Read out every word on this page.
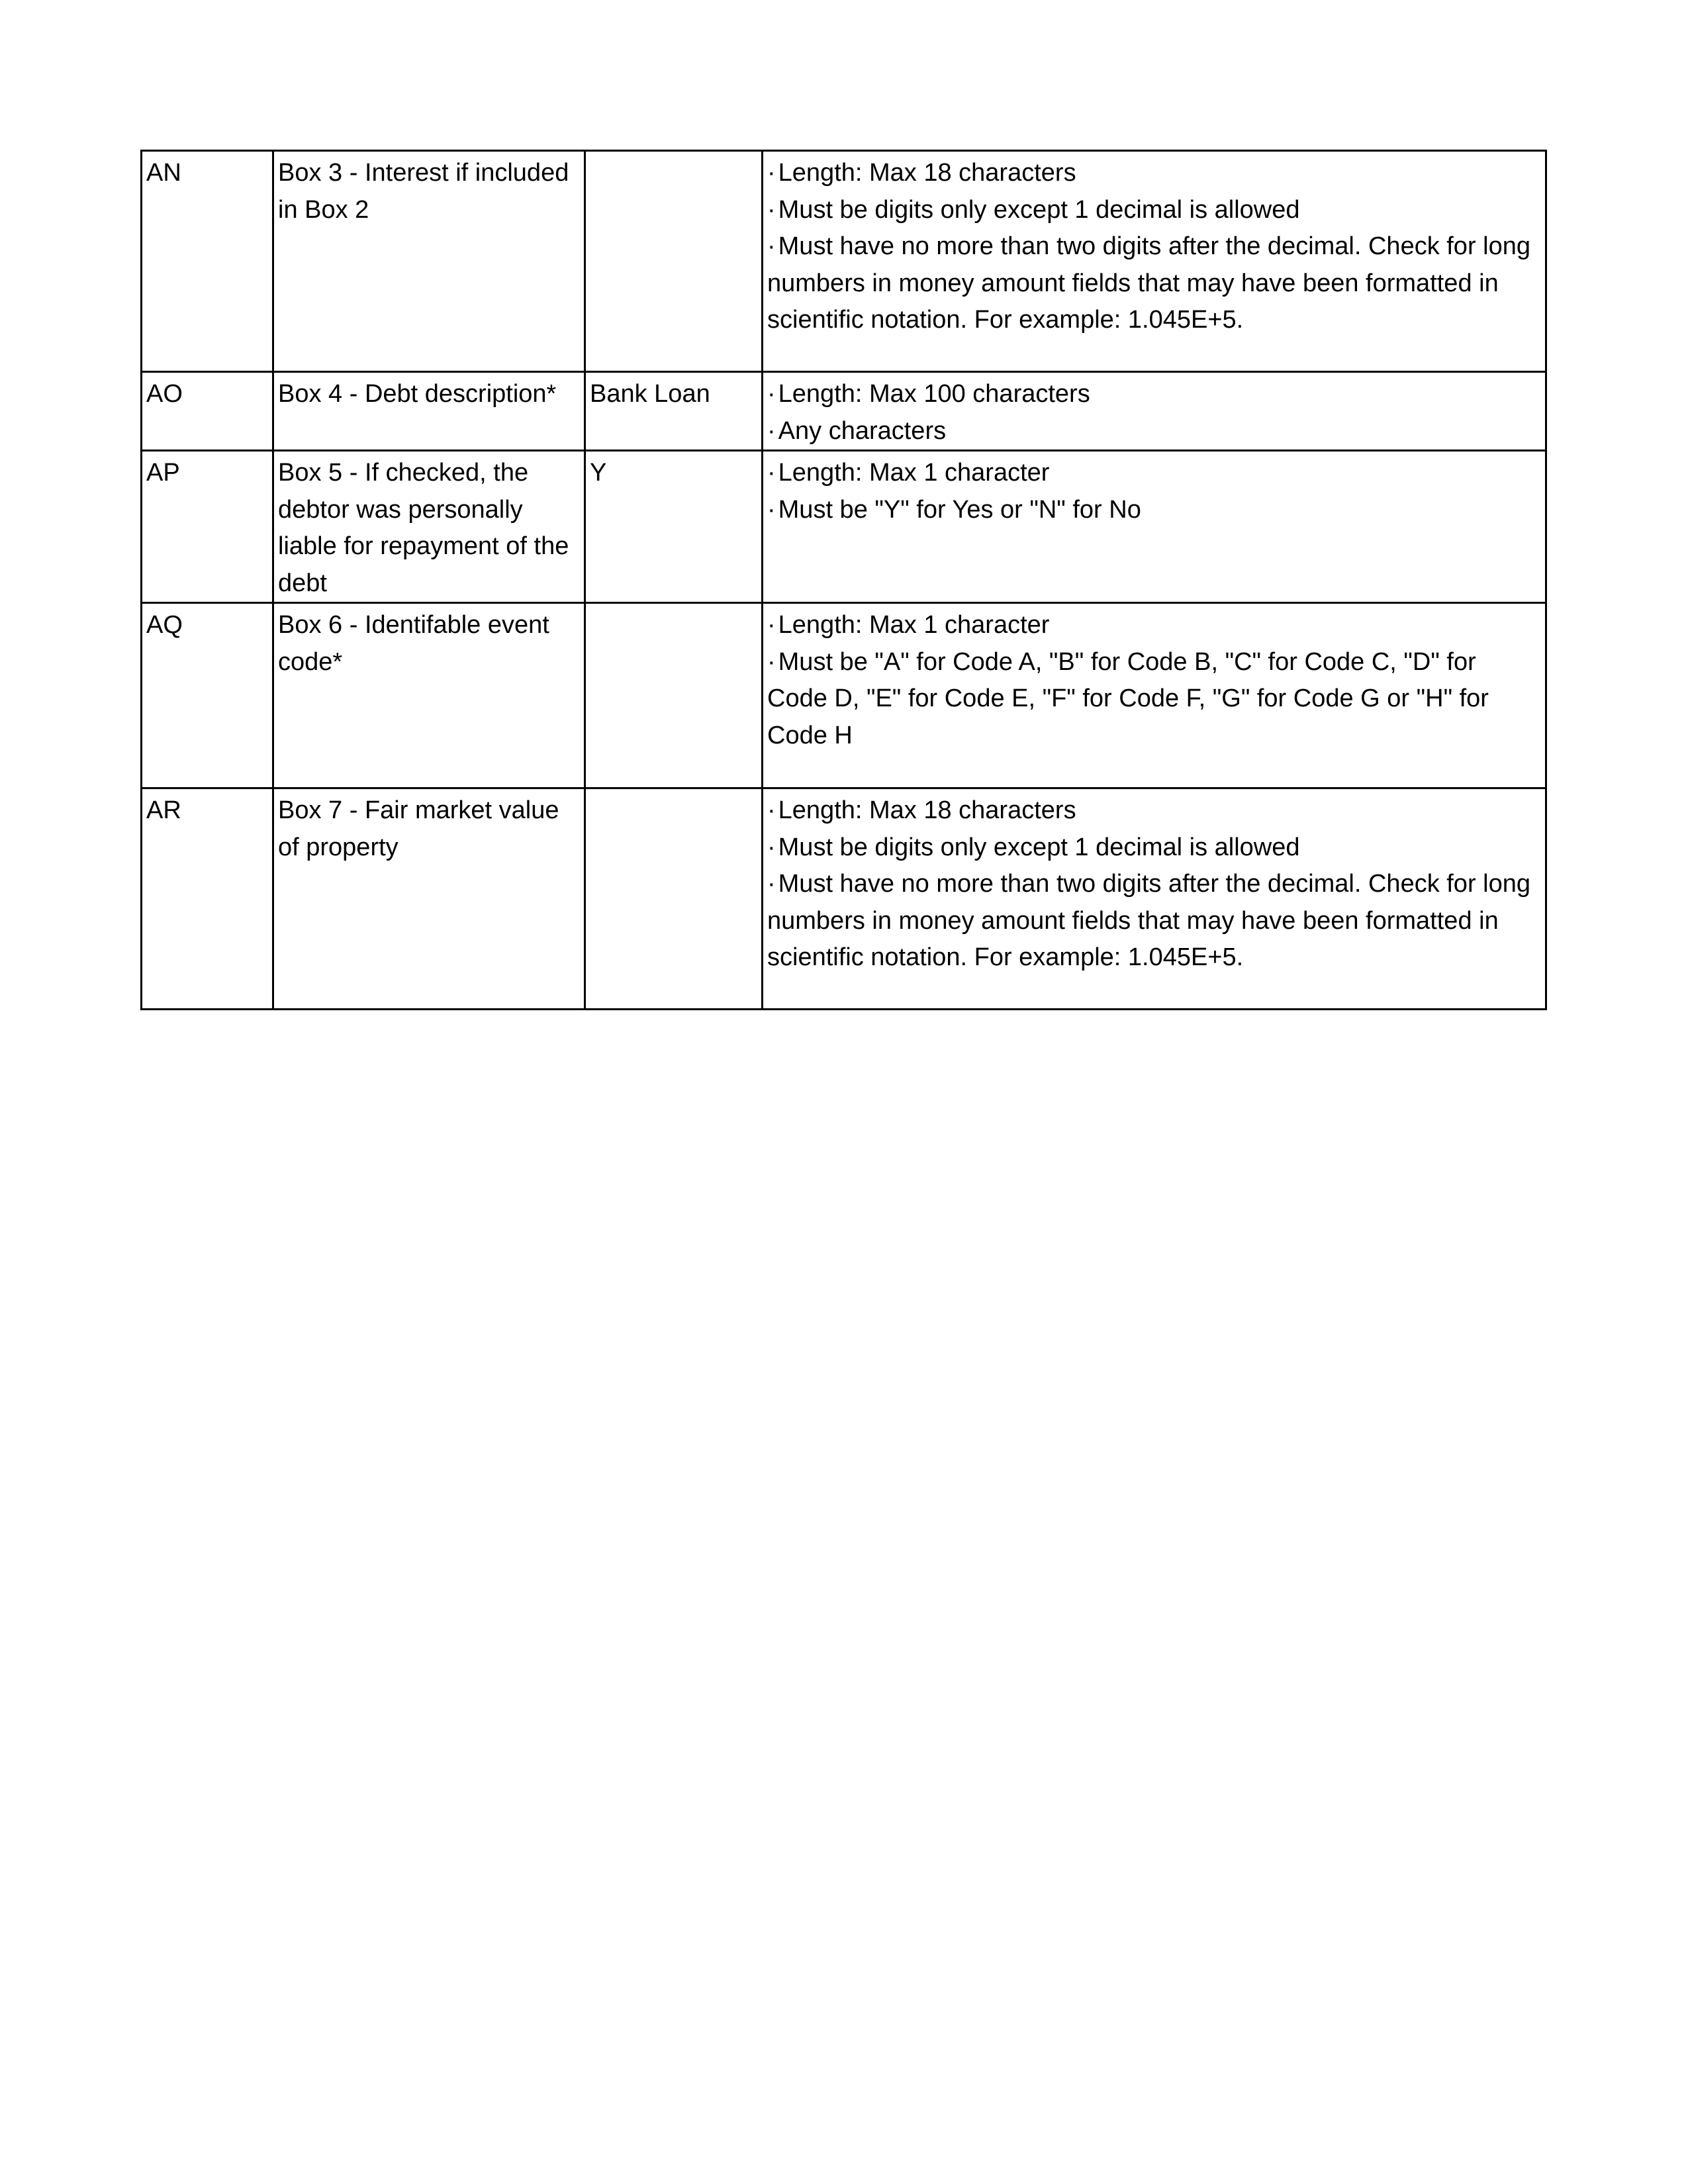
AN	Box 3 - Interest if included in Box 2		· Length: Max 18 characters
· Must be digits only except 1 decimal is allowed
· Must have no more than two digits after the decimal. Check for long numbers in money amount fields that may have been formatted in scientific notation. For example: 1.045E+5.

AO	Box 4 - Debt description*	Bank Loan	· Length: Max 100 characters
· Any characters

AP	Box 5 - If checked, the debtor was personally liable for repayment of the debt	Y	· Length: Max 1 character
· Must be "Y" for Yes or "N" for No

AQ	Box 6 - Identifable event code*		· Length: Max 1 character
· Must be "A" for Code A, "B" for Code B, "C" for Code C, "D" for Code D, "E" for Code E, "F" for Code F, "G" for Code G or "H" for Code H

AR	Box 7 - Fair market value of property		· Length: Max 18 characters
· Must be digits only except 1 decimal is allowed
· Must have no more than two digits after the decimal. Check for long numbers in money amount fields that may have been formatted in scientific notation. For example: 1.045E+5.
